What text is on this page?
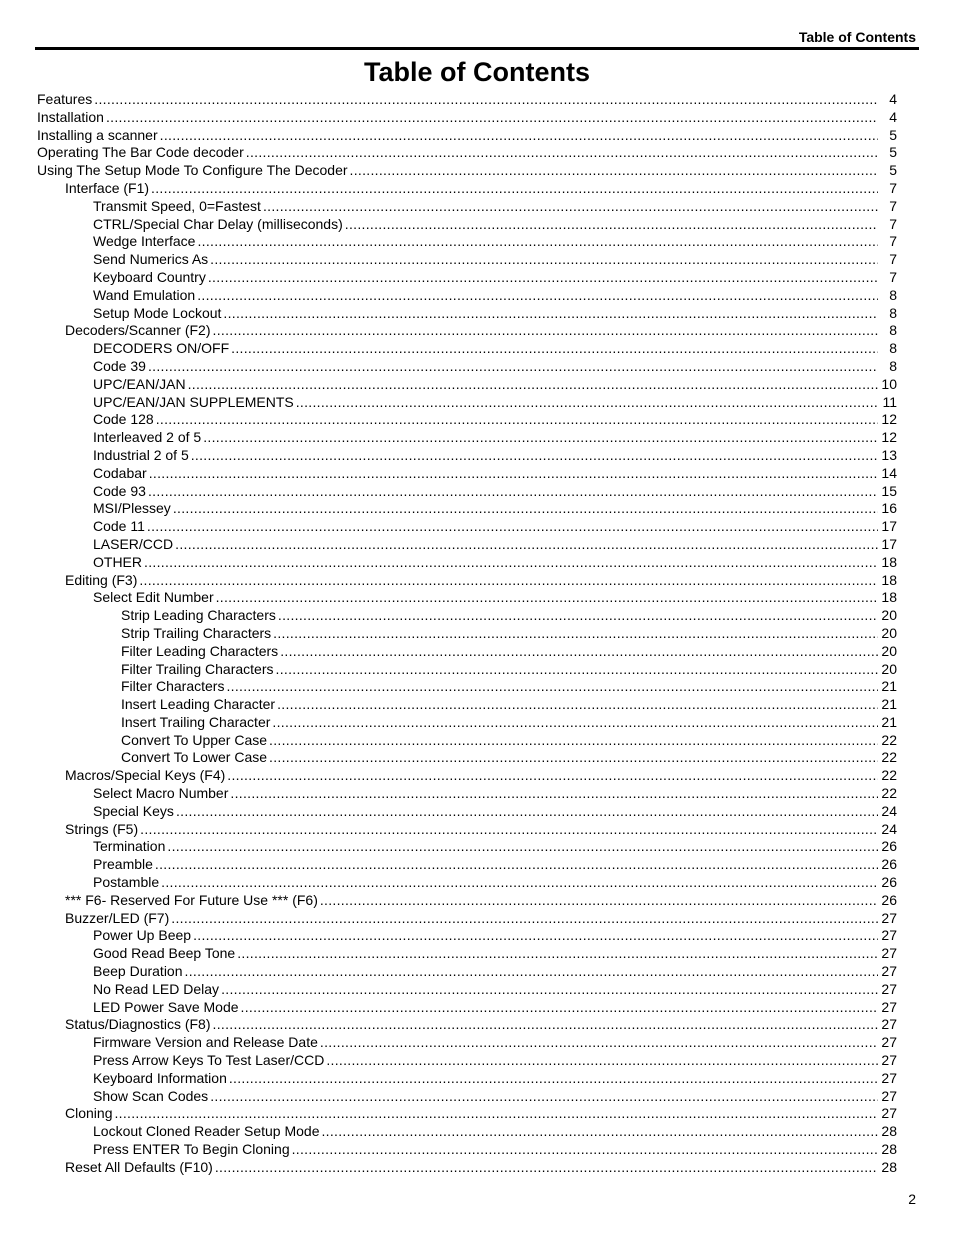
Table of Contents
Table of Contents
Features .....	4
Installation .....	4
Installing a scanner .....	5
Operating The Bar Code decoder .....	5
Using The Setup Mode To Configure The Decoder .....	5
Interface (F1) .....	7
Transmit Speed, 0=Fastest .....	7
CTRL/Special Char Delay (milliseconds) .....	7
Wedge Interface .....	7
Send Numerics As .....	7
Keyboard Country .....	7
Wand Emulation .....	8
Setup Mode Lockout .....	8
Decoders/Scanner (F2) .....	8
DECODERS ON/OFF .....	8
Code 39 .....	8
UPC/EAN/JAN .....	10
UPC/EAN/JAN SUPPLEMENTS .....	11
Code 128 .....	12
Interleaved 2 of 5 .....	12
Industrial 2 of 5 .....	13
Codabar .....	14
Code 93 .....	15
MSI/Plessey .....	16
Code 11 .....	17
LASER/CCD .....	17
OTHER .....	18
Editing (F3) .....	18
Select Edit Number .....	18
Strip Leading Characters .....	20
Strip Trailing Characters .....	20
Filter Leading Characters .....	20
Filter Trailing Characters .....	20
Filter Characters .....	21
Insert Leading Character .....	21
Insert Trailing Character .....	21
Convert To Upper Case .....	22
Convert To Lower Case .....	22
Macros/Special Keys (F4) .....	22
Select Macro Number .....	22
Special Keys .....	24
Strings (F5) .....	24
Termination .....	26
Preamble .....	26
Postamble .....	26
*** F6- Reserved For Future Use *** (F6) .....	26
Buzzer/LED (F7) .....	27
Power Up Beep .....	27
Good Read Beep Tone .....	27
Beep Duration .....	27
No Read LED Delay .....	27
LED Power Save Mode .....	27
Status/Diagnostics (F8) .....	27
Firmware Version and Release Date .....	27
Press Arrow Keys To Test Laser/CCD .....	27
Keyboard Information .....	27
Show Scan Codes .....	27
Cloning .....	27
Lockout Cloned Reader Setup Mode .....	28
Press ENTER To Begin Cloning .....	28
Reset All Defaults (F10) .....	28
2
